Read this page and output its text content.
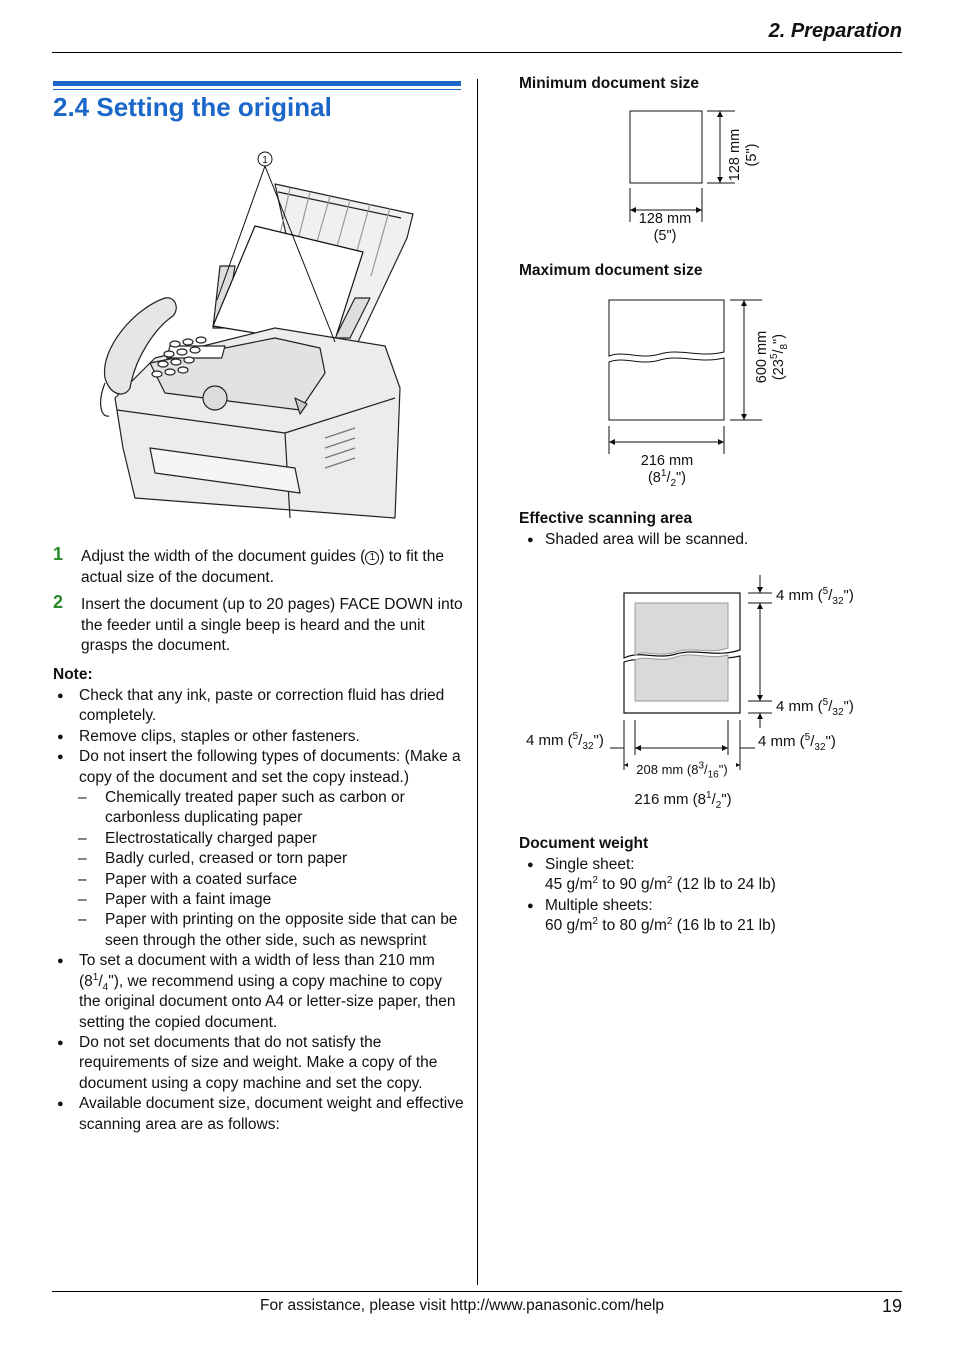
2. Preparation
2.4 Setting the original
1
1 Adjust the width of the document guides ( 1 ) to fit the actual size of the document.
2 Insert the document (up to 20 pages) FACE DOWN into the feeder until a single beep is heard and the unit grasps the document.
Note:
● Check that any ink, paste or correction fluid has dried completely.
● Remove clips, staples or other fasteners.
● Do not insert the following types of documents: (Make a copy of the document and set the copy instead.)
– Chemically treated paper such as carbon or carbonless duplicating paper
– Electrostatically charged paper
– Badly curled, creased or torn paper
– Paper with a coated surface
– Paper with a faint image
– Paper with printing on the opposite side that can be seen through the other side, such as newsprint
● To set a document with a width of less than 210 mm $(8^1/_4")$, we recommend using a copy machine to copy the original document onto A4 or letter-size paper, then setting the copied document.
● Do not set documents that do not satisfy the requirements of size and weight. Make a copy of the document using a copy machine and set the copy.
● Available document size, document weight and effective scanning area are as follows:
Minimum document size
128 mm
(5")
128 mm (5")
Maximum document size
216 mm
$(8^1/_2")$
600 mm $(23^5/_8")$
Effective scanning area
● Shaded area will be scanned.
4 mm $(^5/_{32}")$
4 mm $(^5/_{32}")$
4 mm $(^5/_{32}")$	4 mm $(^5/_{32}")$
208 mm $(8^3/_{16}")$
216 mm $(8^1/_2")$
Document weight
● Single sheet:
45 $g/m^2$ to 90 $g/m^2$ (12 lb to 24 lb)
● Multiple sheets:
60 $g/m^2$ to 80 $g/m^2$ (16 lb to 21 lb)
For assistance, please visit http://www.panasonic.com/help	19
